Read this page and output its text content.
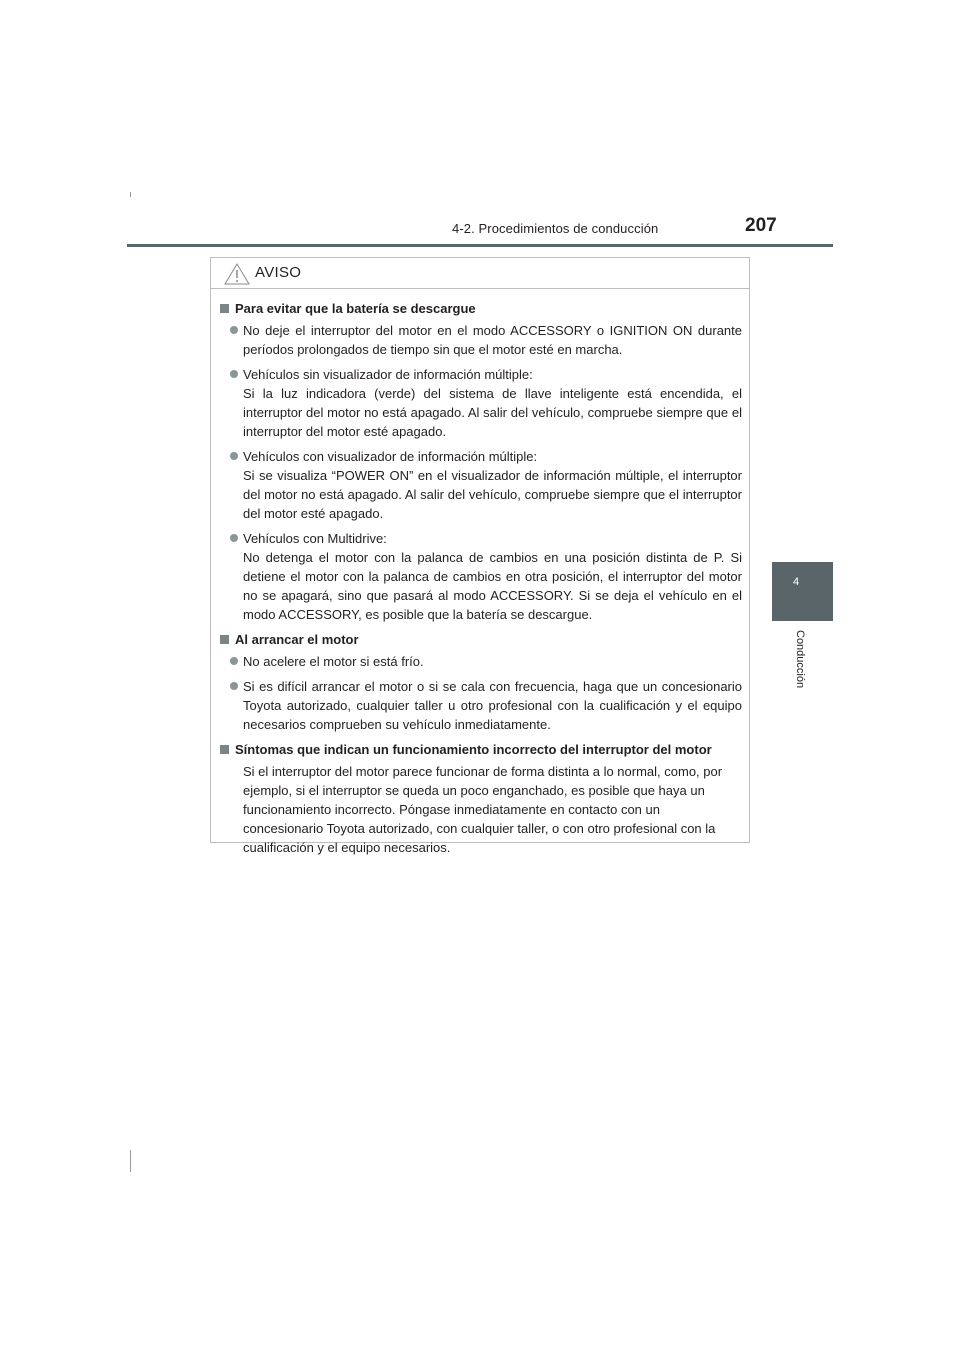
4-2. Procedimientos de conducción	207
4
Conducción
AVISO
Para evitar que la batería se descargue

No deje el interruptor del motor en el modo ACCESSORY o IGNITION ON durante períodos prolongados de tiempo sin que el motor esté en marcha.

Vehículos sin visualizador de información múltiple:

Si la luz indicadora (verde) del sistema de llave inteligente está encendida, el interruptor del motor no está apagado. Al salir del vehículo, compruebe siempre que el interruptor del motor esté apagado.

Vehículos con visualizador de información múltiple:

Si se visualiza “POWER ON” en el visualizador de información múltiple, el interruptor del motor no está apagado. Al salir del vehículo, compruebe siempre que el interruptor del motor esté apagado.

Vehículos con Multidrive:

No detenga el motor con la palanca de cambios en una posición distinta de P. Si detiene el motor con la palanca de cambios en otra posición, el interruptor del motor no se apagará, sino que pasará al modo ACCESSORY. Si se deja el vehículo en el modo ACCESSORY, es posible que la batería se descargue.

Al arrancar el motor

No acelere el motor si está frío.

Si es difícil arrancar el motor o si se cala con frecuencia, haga que un concesionario Toyota autorizado, cualquier taller u otro profesional con la cualificación y el equipo necesarios comprueben su vehículo inmediatamente.

Síntomas que indican un funcionamiento incorrecto del interruptor del motor
Si el interruptor del motor parece funcionar de forma distinta a lo normal, como, por ejemplo, si el interruptor se queda un poco enganchado, es posible que haya un funcionamiento incorrecto. Póngase inmediatamente en contacto con un concesionario Toyota autorizado, con cualquier taller, o con otro profesional con la cualificación y el equipo necesarios.
